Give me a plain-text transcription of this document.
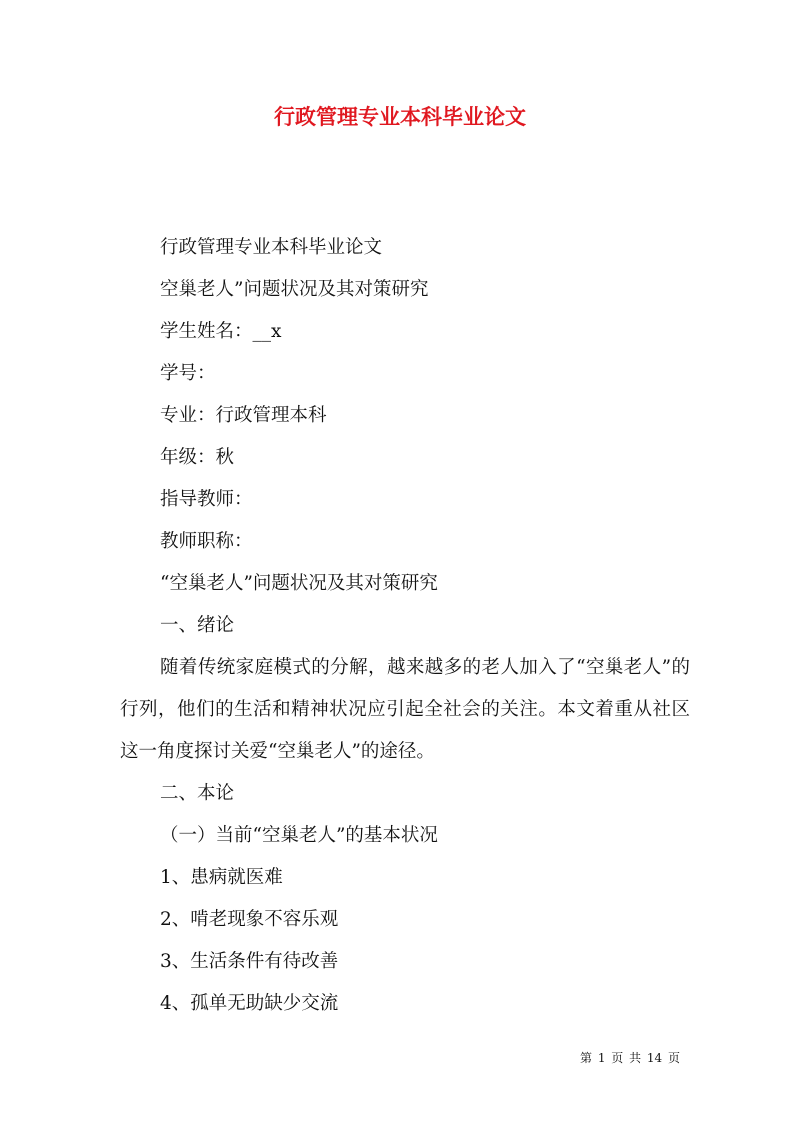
行政管理专业本科毕业论文

行政管理专业本科毕业论文

空巢老人”问题状况及其对策研究

学生姓名：__x

学号：

专业：行政管理本科

年级：秋

指导教师：

教师职称：

“空巢老人”问题状况及其对策研究

一、绪论

随着传统家庭模式的分解，越来越多的老人加入了“空巢老人”的行列，他们的生活和精神状况应引起全社会的关注。本文着重从社区这一角度探讨关爱“空巢老人”的途径。

二、本论

（一）当前“空巢老人”的基本状况

1、患病就医难

2、啃老现象不容乐观

3、生活条件有待改善

4、孤单无助缺少交流

第 1 页 共 14 页
